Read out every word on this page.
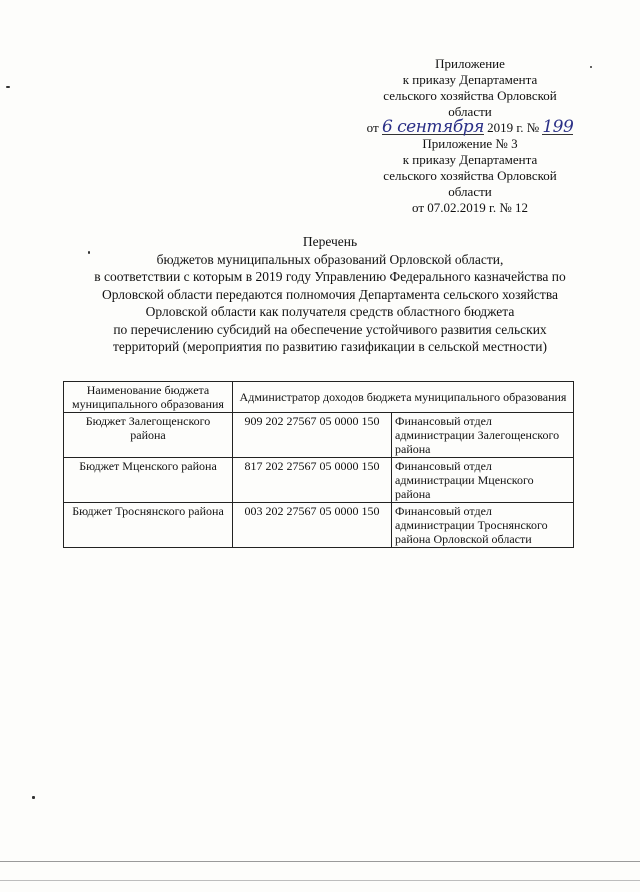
Приложение
к приказу Департамента
сельского хозяйства Орловской
области
от 6 сентября 2019 г. № 199
Приложение № 3
к приказу Департамента
сельского хозяйства Орловской
области
от 07.02.2019 г. № 12
Перечень
бюджетов муниципальных образований Орловской области,
в соответствии с которым в 2019 году Управлению Федерального казначейства по
Орловской области передаются полномочия Департамента сельского хозяйства
Орловской области как получателя средств областного бюджета
по перечислению субсидий на обеспечение устойчивого развития сельских
территорий (мероприятия по развитию газификации в сельской местности)
Наименование бюджета муниципального образования	Администратор доходов бюджета муниципального образования	
Бюджет Залегощенского района	909 202 27567 05 0000 150	Финансовый отдел администрации Залегощенского района
Бюджет Мценского района	817 202 27567 05 0000 150	Финансовый отдел администрации Мценского района
Бюджет Троснянского района	003 202 27567 05 0000 150	Финансовый отдел администрации Троснянского района Орловской области
